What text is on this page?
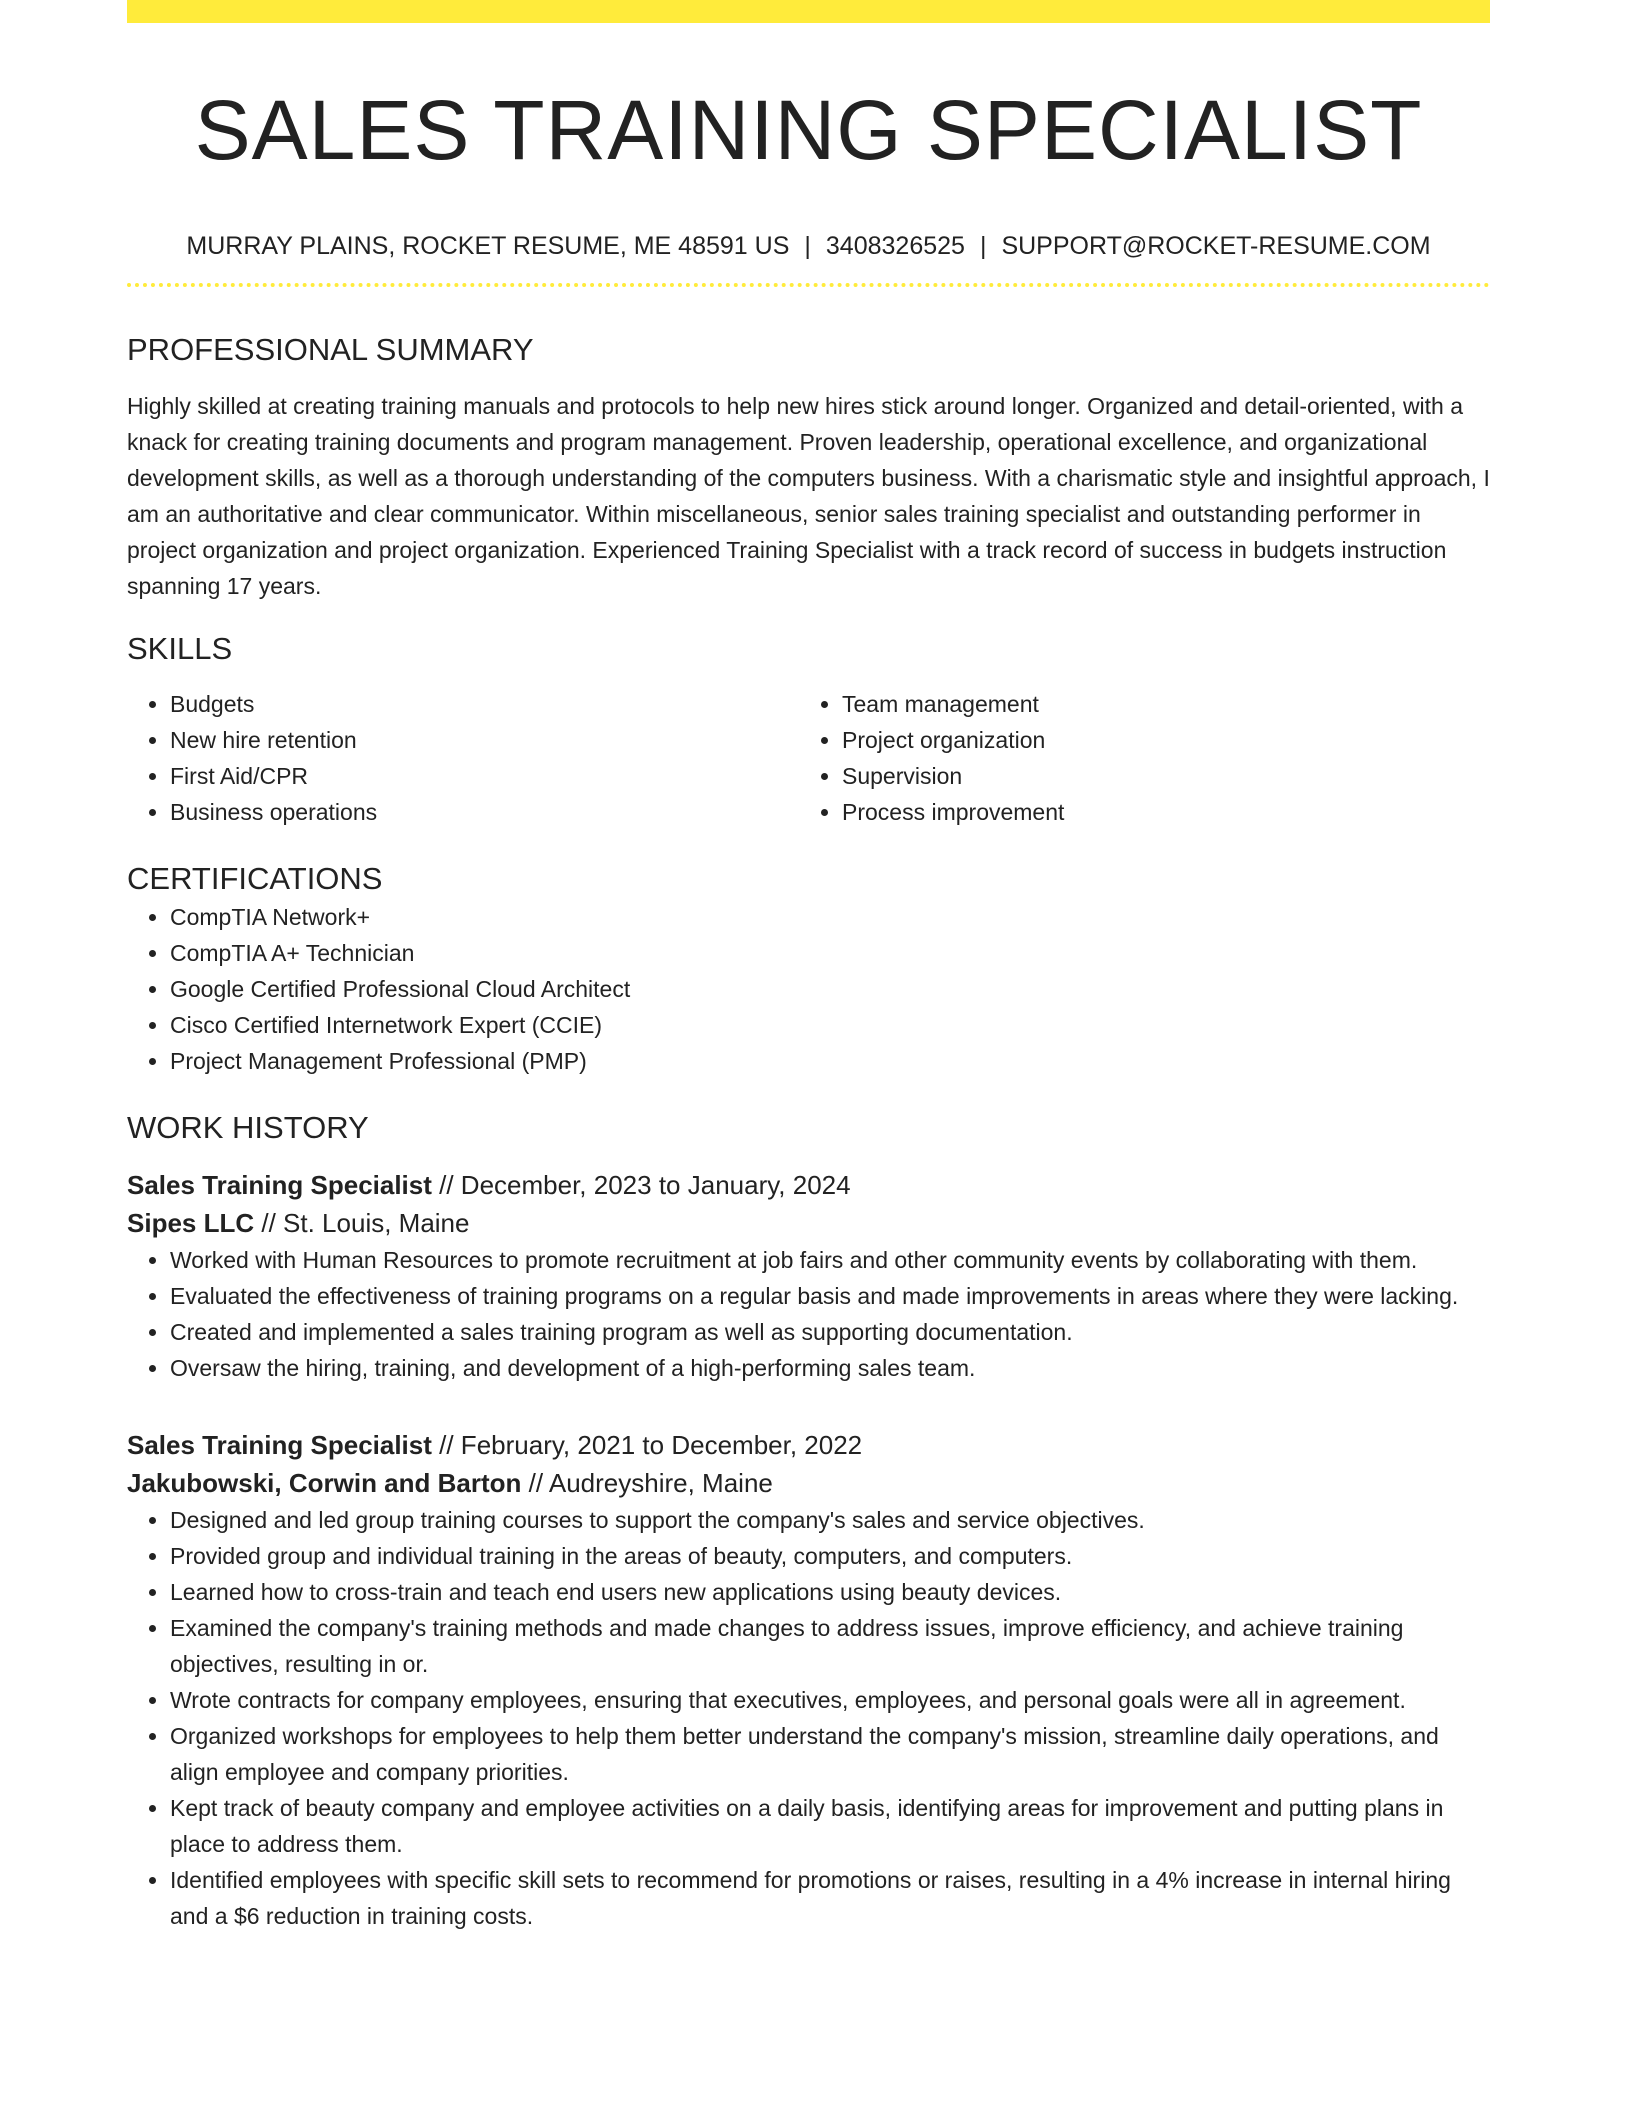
SALES TRAINING SPECIALIST
MURRAY PLAINS, ROCKET RESUME, ME 48591 US | 3408326525 | SUPPORT@ROCKET-RESUME.COM
PROFESSIONAL SUMMARY

Highly skilled at creating training manuals and protocols to help new hires stick around longer. Organized and detail-oriented, with a knack for creating training documents and program management. Proven leadership, operational excellence, and organizational development skills, as well as a thorough understanding of the computers business. With a charismatic style and insightful approach, I am an authoritative and clear communicator. Within miscellaneous, senior sales training specialist and outstanding performer in project organization and project organization. Experienced Training Specialist with a track record of success in budgets instruction spanning 17 years.

SKILLS
• Budgets
• New hire retention
• First Aid/CPR
• Business operations
• Team management
• Project organization
• Supervision
• Process improvement
CERTIFICATIONS
• CompTIA Network+
• CompTIA A+ Technician
• Google Certified Professional Cloud Architect
• Cisco Certified Internetwork Expert (CCIE)
• Project Management Professional (PMP)
WORK HISTORY
Sales Training Specialist // December, 2023 to January, 2024
Sipes LLC // St. Louis, Maine
• Worked with Human Resources to promote recruitment at job fairs and other community events by collaborating with them.
• Evaluated the effectiveness of training programs on a regular basis and made improvements in areas where they were lacking.
• Created and implemented a sales training program as well as supporting documentation.
• Oversaw the hiring, training, and development of a high-performing sales team.
Sales Training Specialist // February, 2021 to December, 2022
Jakubowski, Corwin and Barton // Audreyshire, Maine
• Designed and led group training courses to support the company's sales and service objectives.
• Provided group and individual training in the areas of beauty, computers, and computers.
• Learned how to cross-train and teach end users new applications using beauty devices.
• Examined the company's training methods and made changes to address issues, improve efficiency, and achieve training objectives, resulting in or.
• Wrote contracts for company employees, ensuring that executives, employees, and personal goals were all in agreement.
• Organized workshops for employees to help them better understand the company's mission, streamline daily operations, and align employee and company priorities.
• Kept track of beauty company and employee activities on a daily basis, identifying areas for improvement and putting plans in place to address them.
• Identified employees with specific skill sets to recommend for promotions or raises, resulting in a 4% increase in internal hiring and a $6 reduction in training costs.
